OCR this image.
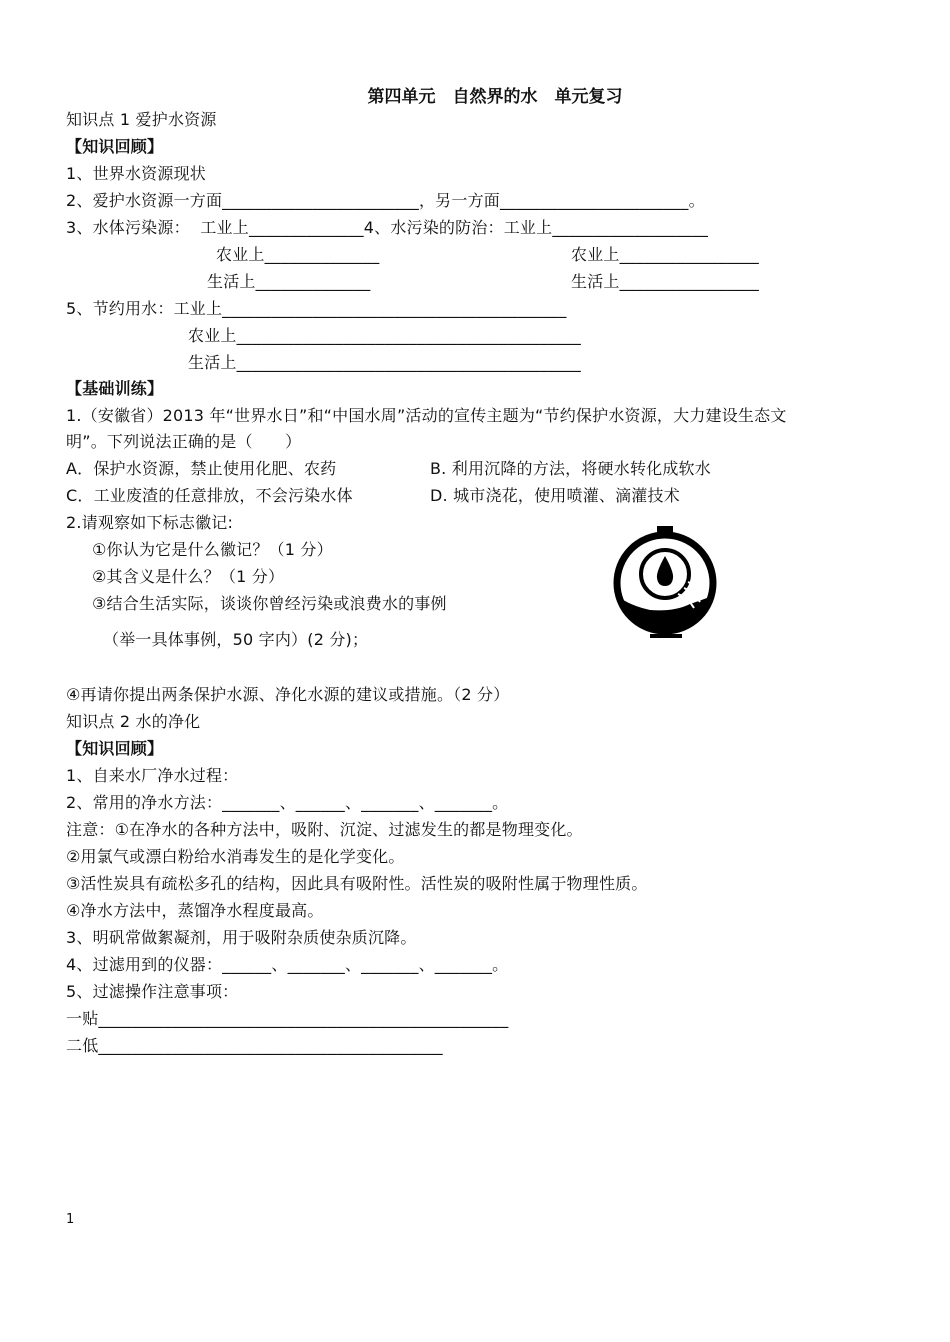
第四单元　自然界的水　单元复习
知识点 1 爱护水资源
【知识回顾】
1、世界水资源现状
2、爱护水资源一方面________________________，另一方面_______________________。
3、水体污染源：  工业上______________4、水污染的防治：工业上___________________
农业上______________	农业上_________________
生活上______________	生活上_________________
5、节约用水：工业上__________________________________________
农业上__________________________________________
生活上__________________________________________
【基础训练】
1.（安徽省）2013 年“世界水日”和“中国水周”活动的宣传主题为“节约保护水资源，大力建设生态文
明”。下列说法正确的是（　　）
A．保护水资源，禁止使用化肥、农药	B. 利用沉降的方法，将硬水转化成软水
C．工业废渣的任意排放，不会污染水体	D. 城市浇花，使用喷灌、滴灌技术
2.请观察如下标志徽记:
①你认为它是什么徽记？（1 分）
②其含义是什么？（1 分）
③结合生活实际，谈谈你曾经污染或浪费水的事例
（举一具体事例，50 字内）(2 分)；
④再请你提出两条保护水源、净化水源的建议或措施。（2 分）
知识点 2 水的净化
【知识回顾】
1、自来水厂净水过程：
2、常用的净水方法：_______、______、_______、_______。
注意：①在净水的各种方法中，吸附、沉淀、过滤发生的都是物理变化。
②用氯气或漂白粉给水消毒发生的是化学变化。
③活性炭具有疏松多孔的结构，因此具有吸附性。活性炭的吸附性属于物理性质。
④净水方法中，蒸馏净水程度最高。
3、明矾常做絮凝剂，用于吸附杂质使杂质沉降。
4、过滤用到的仪器：______、_______、_______、_______。
5、过滤操作注意事项：
一贴__________________________________________________
二低__________________________________________
1
